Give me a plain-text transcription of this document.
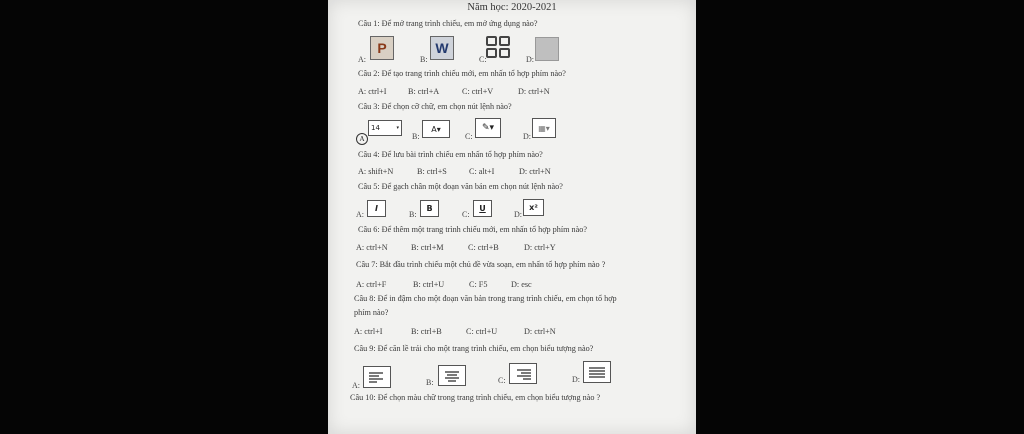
Năm học: 2020-2021
Câu 1: Để mở trang trình chiếu, em mở ứng dụng nào?
A:
P
B:
W
C:	D:
Câu 2: Để tạo trang trình chiếu mới, em nhấn tổ hợp phím nào?
A: ctrl+I	B: ctrl+A	C: ctrl+V	D: ctrl+N
Câu 3: Để chọn cỡ chữ, em chọn nút lệnh nào?
A
14	▾
B:
A▾
C:
✎▾
D:
▦▾
Câu 4: Để lưu bài trình chiếu em nhấn tổ hợp phím nào?
A: shift+N	B: ctrl+S	C: alt+I	D: ctrl+N
Câu 5: Để gạch chân một đoạn văn bản em chọn nút lệnh nào?
A:
I
B:
B
C:
U
D:
x²
Câu 6: Để thêm một trang trình chiếu mới, em nhấn tổ hợp phím nào?
A: ctrl+N	B: ctrl+M	C: ctrl+B	D: ctrl+Y
Câu 7: Bắt đầu trình chiếu một chủ đề vừa soạn, em nhấn tổ hợp phím nào ?
A: ctrl+F	B: ctrl+U	C: F5	D: esc
Câu 8: Để in đậm cho một đoạn văn bản trong trang trình chiếu, em chọn tổ hợp
phím nào?
A: ctrl+I	B: ctrl+B	C: ctrl+U	D: ctrl+N
Câu 9: Để căn lề trái cho một trang trình chiếu, em chọn biểu tượng nào?
A:	B:	C:	D:
Câu 10: Để chọn màu chữ trong trang trình chiếu, em chọn biểu tượng nào ?
